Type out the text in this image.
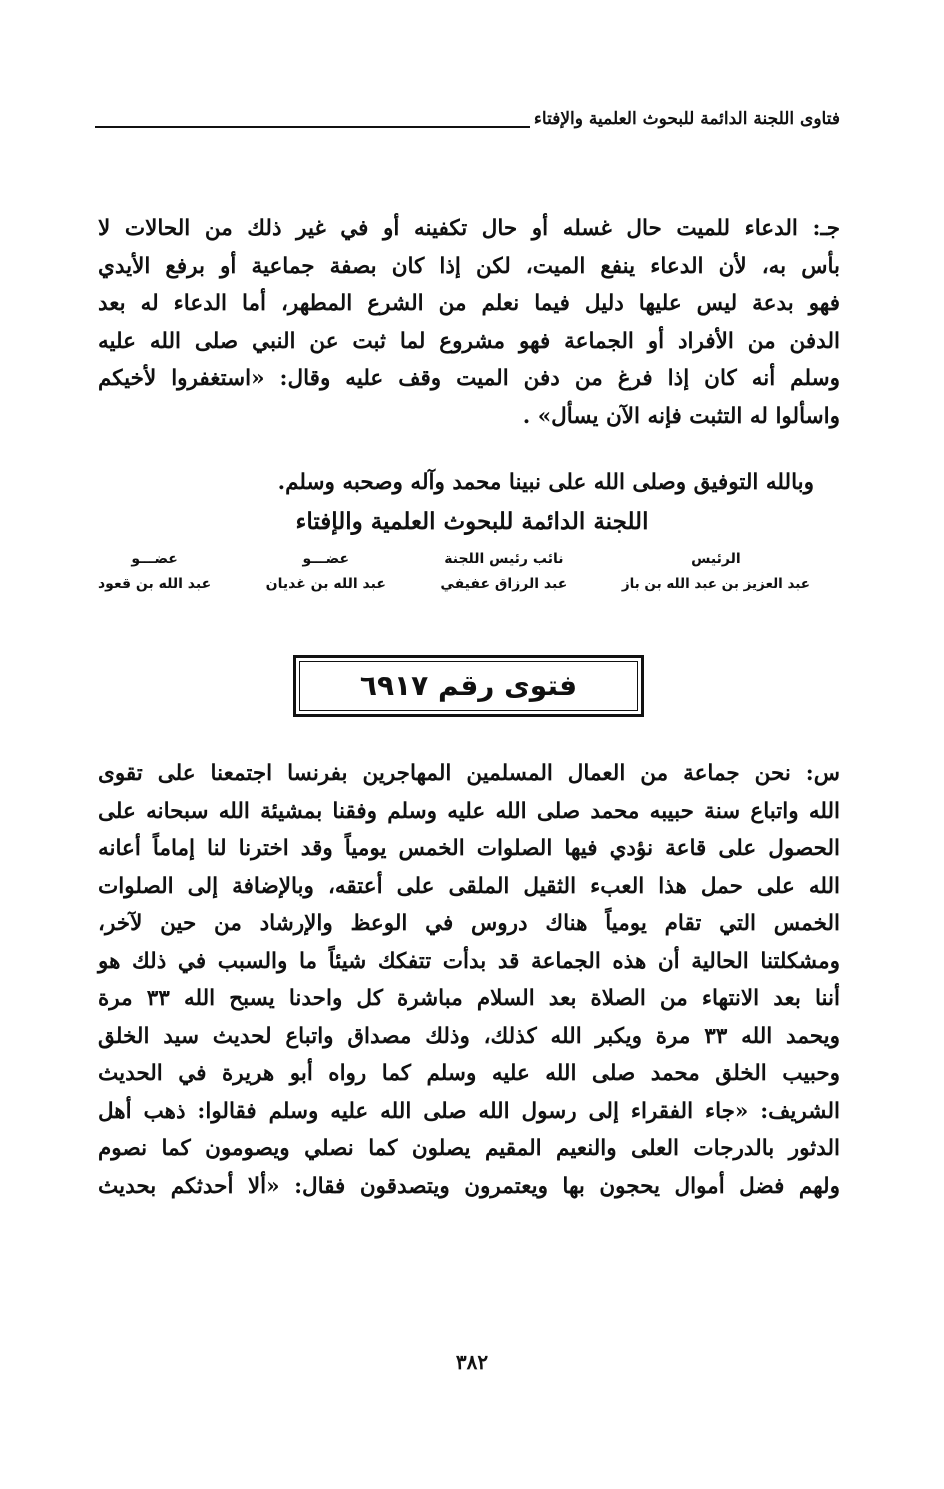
فتاوى اللجنة الدائمة للبحوث العلمية والإفتاء
جـ: الدعاء للميت حال غسله أو حال تكفينه أو في غير ذلك من الحالات لا
بأس به، لأن الدعاء ينفع الميت، لكن إذا كان بصفة جماعية أو برفع الأيدي
فهو بدعة ليس عليها دليل فيما نعلم من الشرع المطهر، أما الدعاء له بعد
الدفن من الأفراد أو الجماعة فهو مشروع لما ثبت عن النبي صلى الله عليه
وسلم أنه كان إذا فرغ من دفن الميت وقف عليه وقال: «استغفروا لأخيكم
واسألوا له التثبت فإنه الآن يسأل» .
وبالله التوفيق وصلى الله على نبينا محمد وآله وصحبه وسلم.
اللجنة الدائمة للبحوث العلمية والإفتاء
الرئيس
عبد العزيز بن عبد الله بن باز
نائب رئيس اللجنة
عبد الرزاق عفيفي
عضـــو
عبد الله بن غديان
عضـــو
عبد الله بن قعود
فتوى رقم ٦٩١٧
س: نحن جماعة من العمال المسلمين المهاجرين بفرنسا اجتمعنا على تقوى
الله واتباع سنة حبيبه محمد صلى الله عليه وسلم وفقنا بمشيئة الله سبحانه على
الحصول على قاعة نؤدي فيها الصلوات الخمس يومياً وقد اخترنا لنا إماماً أعانه
الله على حمل هذا العبء الثقيل الملقى على أعتقه، وبالإضافة إلى الصلوات
الخمس التي تقام يومياً هناك دروس في الوعظ والإرشاد من حين لآخر،
ومشكلتنا الحالية أن هذه الجماعة قد بدأت تتفكك شيئاً ما والسبب في ذلك هو
أننا بعد الانتهاء من الصلاة بعد السلام مباشرة كل واحدنا يسبح الله ٣٣ مرة
ويحمد الله ٣٣ مرة ويكبر الله كذلك، وذلك مصداق واتباع لحديث سيد الخلق
وحبيب الخلق محمد صلى الله عليه وسلم كما رواه أبو هريرة في الحديث
الشريف: «جاء الفقراء إلى رسول الله صلى الله عليه وسلم فقالوا: ذهب أهل
الدثور بالدرجات العلى والنعيم المقيم يصلون كما نصلي ويصومون كما نصوم
ولهم فضل أموال يحجون بها ويعتمرون ويتصدقون فقال: «ألا أحدثكم بحديث
٣٨٢
